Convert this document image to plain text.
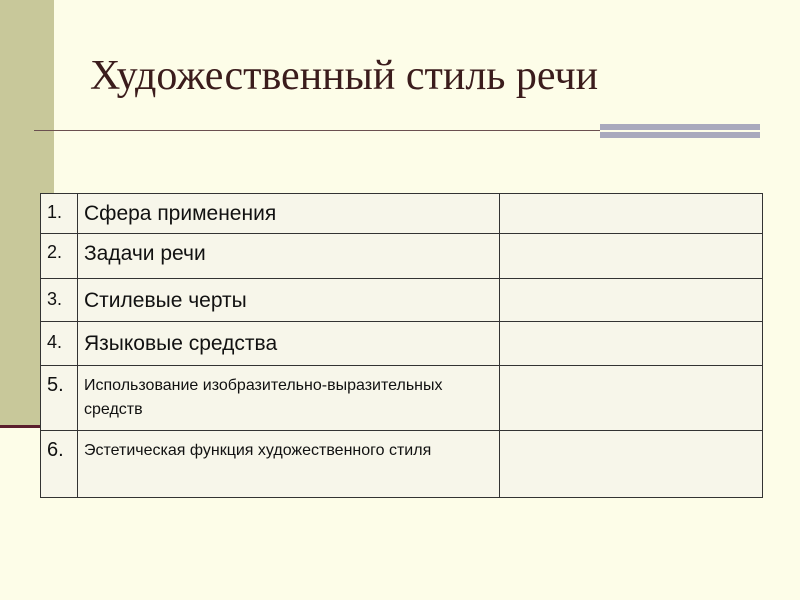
Художественный стиль речи
1.	Сфера применения	
2.	Задачи речи	
3.	Стилевые черты	
4.	Языковые средства	
5.	Использование изобразительно-выразительных средств	
6.	Эстетическая функция художественного стиля	
